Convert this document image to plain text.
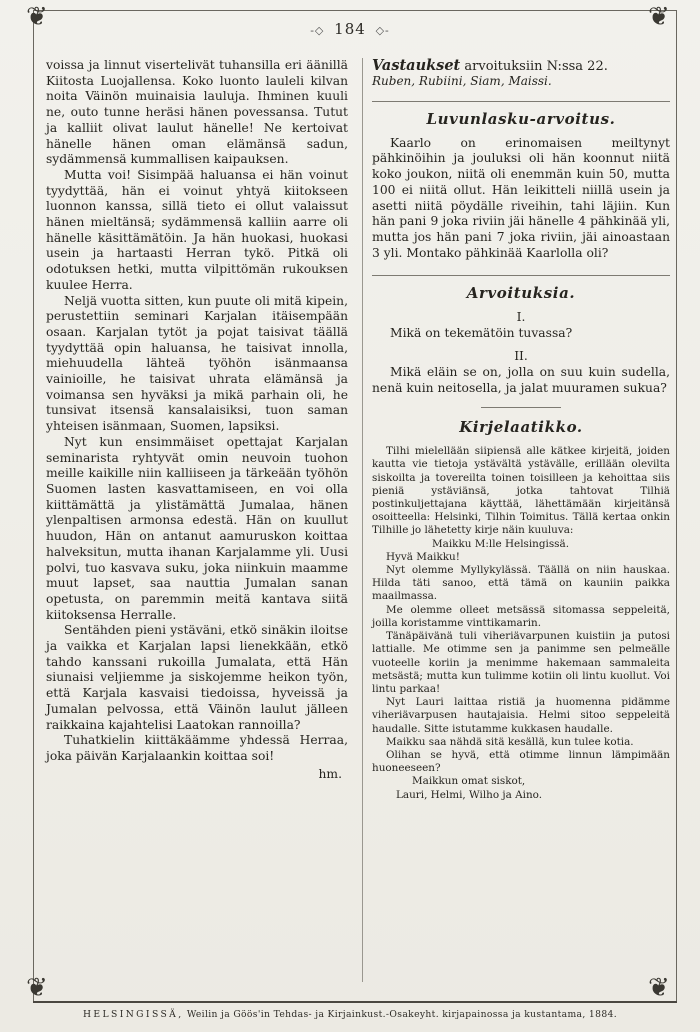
❦	❦
❦	❦
-◇ 184 ◇-

voissa ja linnut visertelivät tuhansilla eri äänillä Kiitosta Luojallensa. Koko luonto lauleli kilvan noita Väinön muinaisia lauluja. Ihminen kuuli ne, outo tunne heräsi hänen povessansa. Tutut ja kalliit olivat laulut hänelle! Ne kertoivat hänelle hänen oman elämänsä sadun, sydämmensä kummallisen kaipauksen.

Mutta voi! Sisimpää haluansa ei hän voinut tyydyttää, hän ei voinut yhtyä kiitokseen luonnon kanssa, sillä tieto ei ollut valaissut hänen mieltänsä; sydämmensä kalliin aarre oli hänelle käsittämätöin. Ja hän huokasi, huokasi usein ja hartaasti Herran tykö. Pitkä oli odotuksen hetki, mutta vilpittömän rukouksen kuulee Herra.

Neljä vuotta sitten, kun puute oli mitä kipein, perustettiin seminari Karjalan itäisempään osaan. Karjalan tytöt ja pojat taisivat täällä tyydyttää opin haluansa, he taisivat innolla, miehuudella lähteä työhön isänmaansa vainioille, he taisivat uhrata elämänsä ja voimansa sen hyväksi ja mikä parhain oli, he tunsivat itsensä kansalaisiksi, tuon saman yhteisen isänmaan, Suomen, lapsiksi.

Nyt kun ensimmäiset opettajat Karjalan seminarista ryhtyvät omin neuvoin tuohon meille kaikille niin kalliiseen ja tärkeään työhön Suomen lasten kasvattamiseen, en voi olla kiittämättä ja ylistämättä Jumalaa, hänen ylenpaltisen armonsa edestä. Hän on kuullut huudon, Hän on antanut aamuruskon koittaa halveksitun, mutta ihanan Karjalamme yli. Uusi polvi, tuo kasvava suku, joka niinkuin maamme muut lapset, saa nauttia Jumalan sanan opetusta, on paremmin meitä kantava siitä kiitoksensa Herralle.

Sentähden pieni ystäväni, etkö sinäkin iloitse ja vaikka et Karjalan lapsi lienekkään, etkö tahdo kanssani rukoilla Jumalata, että Hän siunaisi veljiemme ja siskojemme heikon työn, että Karjala kasvaisi tiedoissa, hyveissä ja Jumalan pelvossa, että Väinön laulut jälleen raikkaina kajahtelisi Laatokan rannoilla?

Tuhatkielin kiittäkäämme yhdessä Herraa, joka päivän Karjalaankin koittaa soi!

hm.

Vastaukset arvoituksiin N:ssa 22.
Ruben, Rubiini, Siam, Maissi.

Luvunlasku-arvoitus.

Kaarlo on erinomaisen meiltynyt pähkinöihin ja jouluksi oli hän koonnut niitä koko joukon, niitä oli enemmän kuin 50, mutta 100 ei niitä ollut. Hän leikitteli niillä usein ja asetti niitä pöydälle riveihin, tahi läjiin. Kun hän pani 9 joka riviin jäi hänelle 4 pähkinää yli, mutta jos hän pani 7 joka riviin, jäi ainoastaan 3 yli. Montako pähkinää Kaarlolla oli?

Arvoituksia.

I.

Mikä on tekemätöin tuvassa?

II.

Mikä eläin se on, jolla on suu kuin sudella, nenä kuin neitosella, ja jalat muuramen sukua?

Kirjelaatikko.

Tilhi mielellään siipiensä alle kätkee kirjeitä, joiden kautta vie tietoja ystävältä ystävälle, erillään olevilta siskoilta ja tovereilta toinen toisilleen ja kehoittaa siis pieniä ystäviänsä, jotka tahtovat Tilhiä postinkuljettajana käyttää, lähettämään kirjeitänsä osoitteella: Helsinki, Tilhin Toimitus. Tällä kertaa onkin Tilhille jo lähetetty kirje näin kuuluva:

Maikku M:lle Helsingissä.

Hyvä Maikku!

Nyt olemme Myllykylässä. Täällä on niin hauskaa. Hilda täti sanoo, että tämä on kauniin paikka maailmassa.

Me olemme olleet metsässä sitomassa seppeleitä, joilla koristamme vinttikamarin.

Tänäpäivänä tuli viheriävarpunen kuistiin ja putosi lattialle. Me otimme sen ja panimme sen pelmeälle vuoteelle koriin ja menimme hakemaan sammaleita metsästä; mutta kun tulimme kotiin oli lintu kuollut. Voi lintu parkaa!

Nyt Lauri laittaa ristiä ja huomenna pidämme viheriävarpusen hautajaisia. Helmi sitoo seppeleitä haudalle. Sitte istutamme kukkasen haudalle.

Maikku saa nähdä sitä kesällä, kun tulee kotia.

Olihan se hyvä, että otimme linnun lämpimään huoneeseen?

Maikkun omat siskot,

Lauri, Helmi, Wilho ja Aino.

HELSINGISSÄ, Weilin ja Göös'in Tehdas- ja Kirjainkust.-Osakeyht. kirjapainossa ja kustantama, 1884.
